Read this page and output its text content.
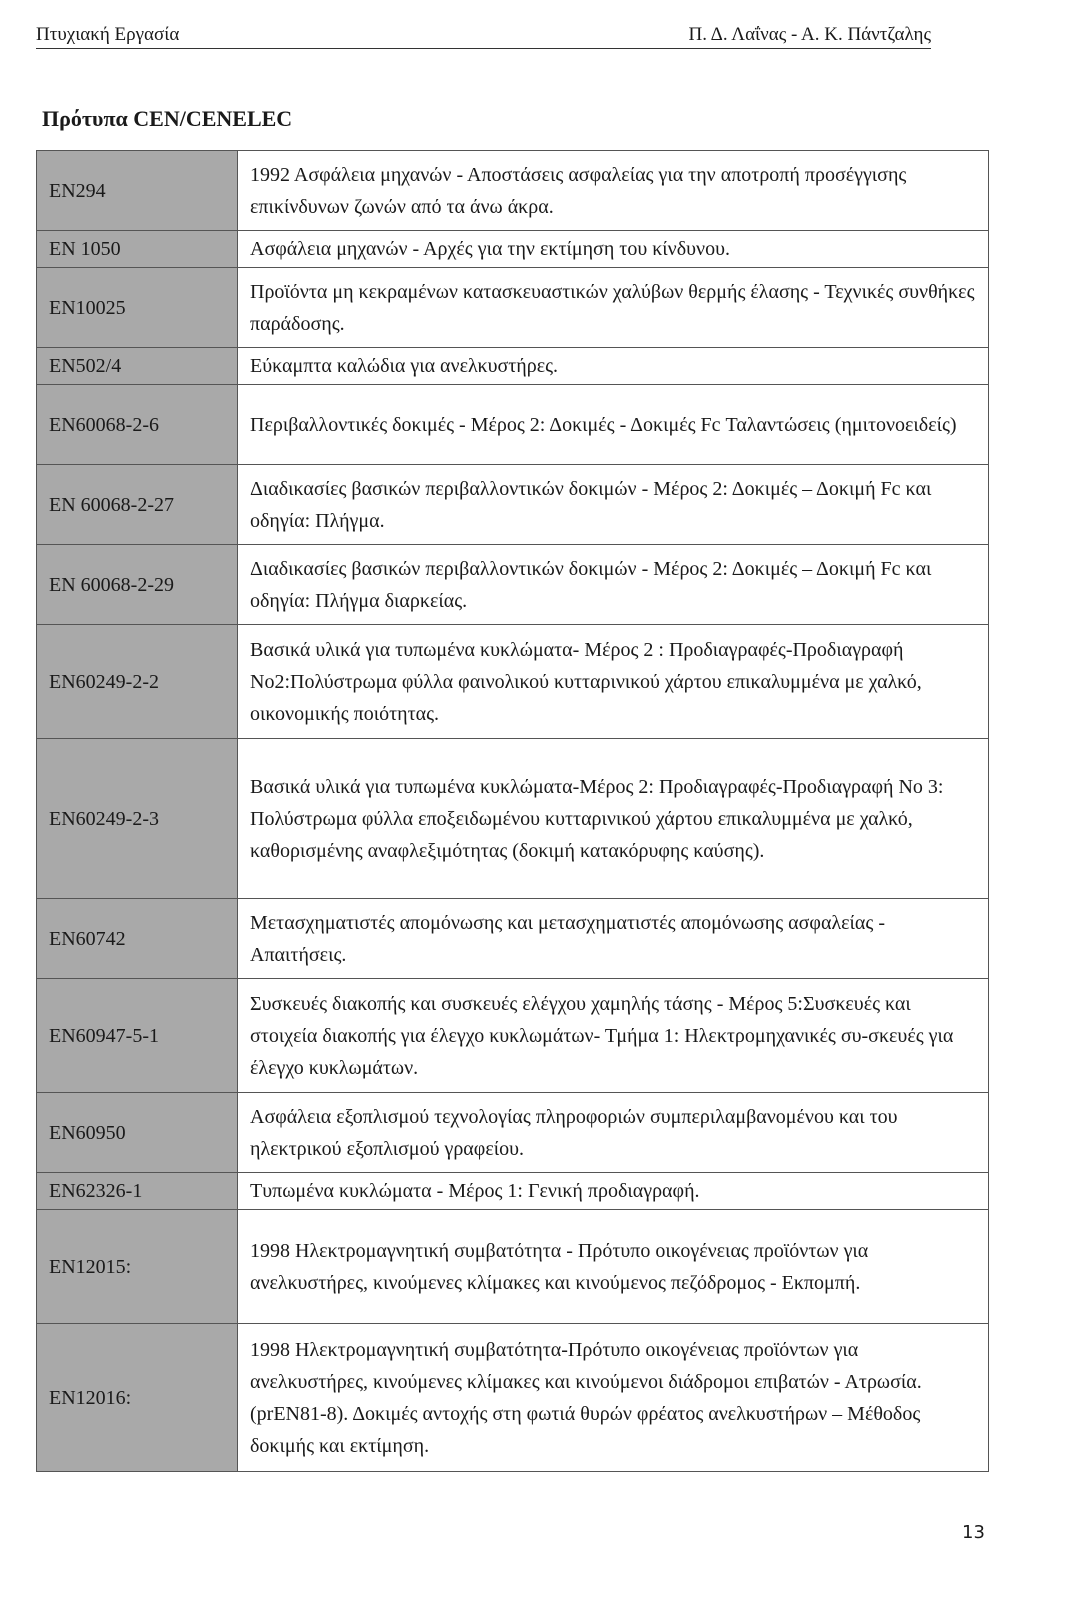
Πτυχιακή Εργασία	Π. Δ. Λαΐνας - Α. Κ. Πάντζαλης
Πρότυπα CEN/CENELEC
EN294	1992 Ασφάλεια μηχανών - Αποστάσεις ασφαλείας για την αποτροπή προσέγγισης επικίνδυνων ζωνών από τα άνω άκρα.
EN 1050	Ασφάλεια μηχανών - Αρχές για την εκτίμηση του κίνδυνου.
EN10025	Προϊόντα μη κεκραμένων κατασκευαστικών χαλύβων θερμής έλασης - Τεχνικές συνθήκες παράδοσης.
EN502/4	Εύκαμπτα καλώδια για ανελκυστήρες.
EN60068-2-6	Περιβαλλοντικές δοκιμές - Μέρος 2: Δοκιμές - Δοκιμές Fc Ταλαντώσεις (ημιτονοειδείς)
EN 60068-2-27	Διαδικασίες βασικών περιβαλλοντικών δοκιμών - Μέρος 2: Δοκιμές – Δοκιμή Fc και οδηγία: Πλήγμα.
EN 60068-2-29	Διαδικασίες βασικών περιβαλλοντικών δοκιμών - Μέρος 2: Δοκιμές – Δοκιμή Fc και οδηγία: Πλήγμα διαρκείας.
EN60249-2-2	Βασικά υλικά για τυπωμένα κυκλώματα- Μέρος 2 : Προδιαγραφές-Προδιαγραφή No2:Πολύστρωμα φύλλα φαινολικού κυτταρινικού χάρτου επικαλυμμένα με χαλκό, οικονομικής ποιότητας.
EN60249-2-3	Βασικά υλικά για τυπωμένα κυκλώματα-Μέρος 2: Προδιαγραφές-Προδιαγραφή No 3: Πολύστρωμα φύλλα εποξειδωμένου κυτταρινικού χάρτου επικαλυμμένα με χαλκό, καθορισμένης αναφλεξιμότητας (δοκιμή κατακόρυφης καύσης).
EN60742	Μετασχηματιστές απομόνωσης και μετασχηματιστές απομόνωσης ασφαλείας - Απαιτήσεις.
EN60947-5-1	Συσκευές διακοπής και συσκευές ελέγχου χαμηλής τάσης - Μέρος 5:Συσκευές και στοιχεία διακοπής για έλεγχο κυκλωμάτων- Τμήμα 1: Ηλεκτρομηχανικές συ-σκευές για έλεγχο κυκλωμάτων.
EN60950	Ασφάλεια εξοπλισμού τεχνολογίας πληροφοριών συμπεριλαμβανομένου και του ηλεκτρικού εξοπλισμού γραφείου.
EN62326-1	Τυπωμένα κυκλώματα - Μέρος 1: Γενική προδιαγραφή.
EN12015:	1998 Ηλεκτρομαγνητική συμβατότητα - Πρότυπο οικογένειας προϊόντων για ανελκυστήρες, κινούμενες κλίμακες και κινούμενος πεζόδρομος - Εκπομπή.
EN12016:	1998 Ηλεκτρομαγνητική συμβατότητα-Πρότυπο οικογένειας προϊόντων για ανελκυστήρες, κινούμενες κλίμακες και κινούμενοι διάδρομοι επιβατών - Ατρωσία.(prEN81-8). Δοκιμές αντοχής στη φωτιά θυρών φρέατος ανελκυστήρων – Μέθοδος δοκιμής και εκτίμηση.
13
